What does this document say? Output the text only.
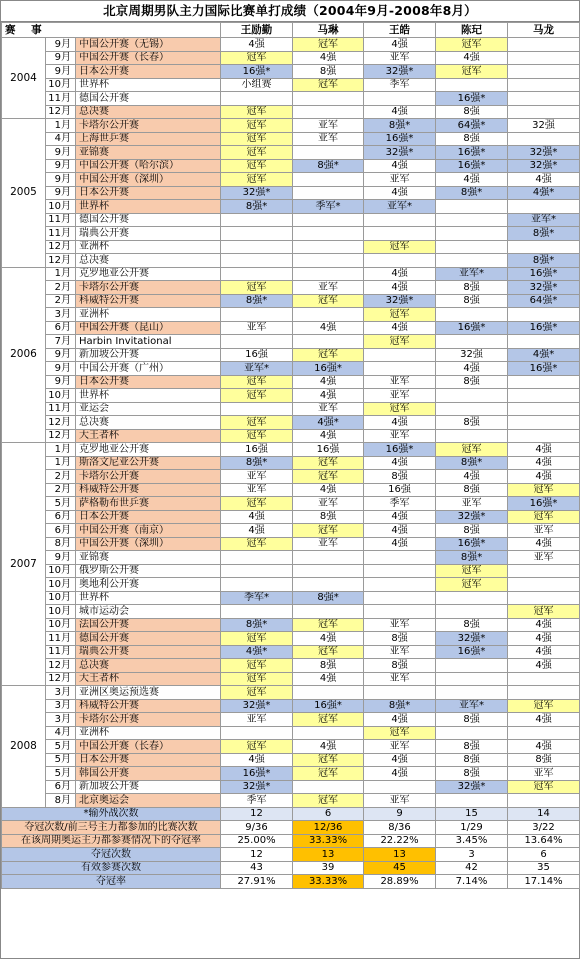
北京周期男队主力国际比赛单打成绩（2004年9月-2008年8月）
赛 事			王励勤	马琳	王皓	陈玘	马龙
2004	9月	中国公开赛（无锡）	4强	冠军	4强	冠军	
	9月	中国公开赛（长春）	冠军	4强	亚军	4强	
	9月	日本公开赛	16强*	8强	32强*	冠军	
	10月	世界杯	小组赛	冠军	季军		
	11月	德国公开赛				16强*	
	12月	总决赛	冠军		4强	8强	
2005	1月	卡塔尔公开赛	冠军	亚军	8强*	64强*	32强
	4月	上海世乒赛	冠军	亚军	16强*	8强	
	9月	亚锦赛	冠军		32强*	16强*	32强*
	9月	中国公开赛（哈尔滨）	冠军	8强*	4强	16强*	32强*
	9月	中国公开赛（深圳）	冠军		亚军	4强	4强
	9月	日本公开赛	32强*		4强	8强*	4强*
	10月	世界杯	8强*	季军*	亚军*		
	11月	德国公开赛					亚军*
	11月	瑞典公开赛					8强*
	12月	亚洲杯			冠军		
	12月	总决赛					8强*
2006	1月	克罗地亚公开赛			4强	亚军*	16强*
	2月	卡塔尔公开赛	冠军	亚军	4强	8强	32强*
	2月	科威特公开赛	8强*	冠军	32强*	8强	64强*
	3月	亚洲杯			冠军		
	6月	中国公开赛（昆山）	亚军	4强	4强	16强*	16强*
	7月	Harbin Invitational			冠军		
	9月	新加坡公开赛	16强	冠军		32强	4强*
	9月	中国公开赛（广州）	亚军*	16强*		4强	16强*
	9月	日本公开赛	冠军	4强	亚军	8强	
	10月	世界杯	冠军	4强	亚军		
	11月	亚运会		亚军	冠军		
	12月	总决赛	冠军	4强*	4强	8强	
	12月	大王者杯	冠军	4强	亚军		
2007	1月	克罗地亚公开赛	16强	16强	16强*	冠军	4强
	1月	斯洛文尼亚公开赛	8强*	冠军	4强	8强*	4强
	2月	卡塔尔公开赛	亚军	冠军	8强	4强	4强
	2月	科威特公开赛	亚军	4强	16强	8强	冠军
	5月	萨格勒布世乒赛	冠军	亚军	季军	亚军	16强*
	6月	日本公开赛	4强	8强	4强	32强*	冠军
	6月	中国公开赛（南京）	4强	冠军	4强	8强	亚军
	8月	中国公开赛（深圳）	冠军	亚军	4强	16强*	4强
	9月	亚锦赛				8强*	亚军
	10月	俄罗斯公开赛				冠军	
	10月	奥地利公开赛				冠军	
	10月	世界杯	季军*	8强*			
	10月	城市运动会					冠军
	10月	法国公开赛	8强*	冠军	亚军	8强	4强
	11月	德国公开赛	冠军	4强	8强	32强*	4强
	11月	瑞典公开赛	4强*	冠军	亚军	16强*	4强
	12月	总决赛	冠军	8强	8强		4强
	12月	大王者杯	冠军	4强	亚军		
2008	3月	亚洲区奥运预选赛	冠军				
	3月	科威特公开赛	32强*	16强*	8强*	亚军*	冠军
	3月	卡塔尔公开赛	亚军	冠军	4强	8强	4强
	4月	亚洲杯			冠军		
	5月	中国公开赛（长春）	冠军	4强	亚军	8强	4强
	5月	日本公开赛	4强	冠军	4强	8强	8强
	5月	韩国公开赛	16强*	冠军	4强	8强	亚军
	6月	新加坡公开赛	32强*			32强*	冠军
	8月	北京奥运会	季军	冠军	亚军		
*输外战次数			12	6	9	15	14
夺冠次数/前三号主力都参加的比赛次数			9/36	12/36	8/36	1/29	3/22
在该周期奥运主力都参赛情况下的夺冠率			25.00%	33.33%	22.22%	3.45%	13.64%
夺冠次数			12	13	13	3	6
有效参赛次数			43	39	45	42	35
夺冠率			27.91%	33.33%	28.89%	7.14%	17.14%
